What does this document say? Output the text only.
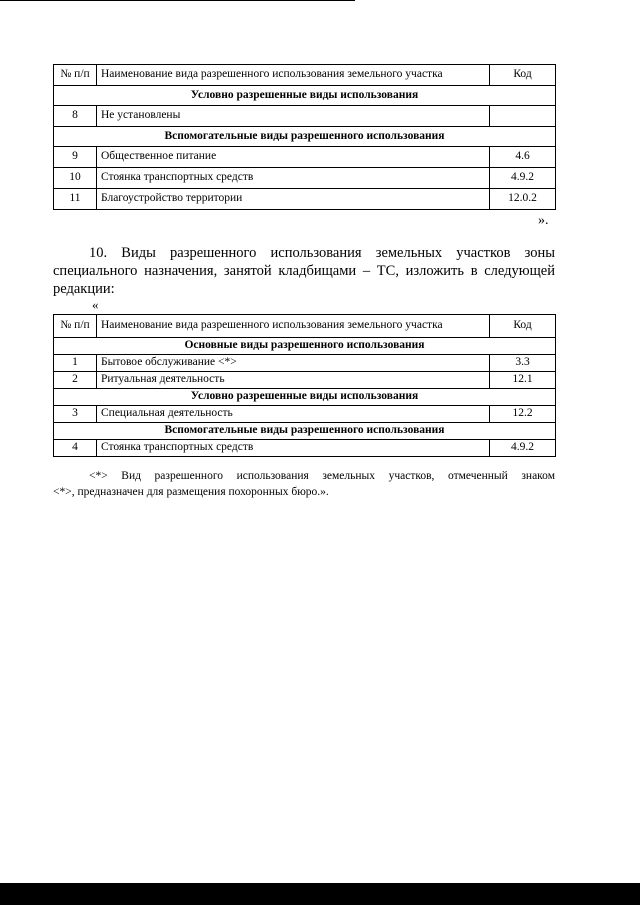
№ п/п	Наименование вида разрешенного использования земельного участка	Код
Условно разрешенные виды использования		
8	Не установлены	
Вспомогательные виды разрешенного использования		
9	Общественное питание	4.6
10	Стоянка транспортных средств	4.9.2
11	Благоустройство территории	12.0.2
».
10. Виды разрешенного использования земельных участков зоны
специального назначения, занятой кладбищами – ТС, изложить в следующей редакции:
«
№ п/п	Наименование вида разрешенного использования земельного участка	Код
Основные виды разрешенного использования		
1	Бытовое обслуживание <*>	3.3
2	Ритуальная деятельность	12.1
Условно разрешенные виды использования		
3	Специальная деятельность	12.2
Вспомогательные виды разрешенного использования		
4	Стоянка транспортных средств	4.9.2
<*> Вид разрешенного использования земельных участков, отмеченный знаком
<*>, предназначен для размещения похоронных бюро.».
